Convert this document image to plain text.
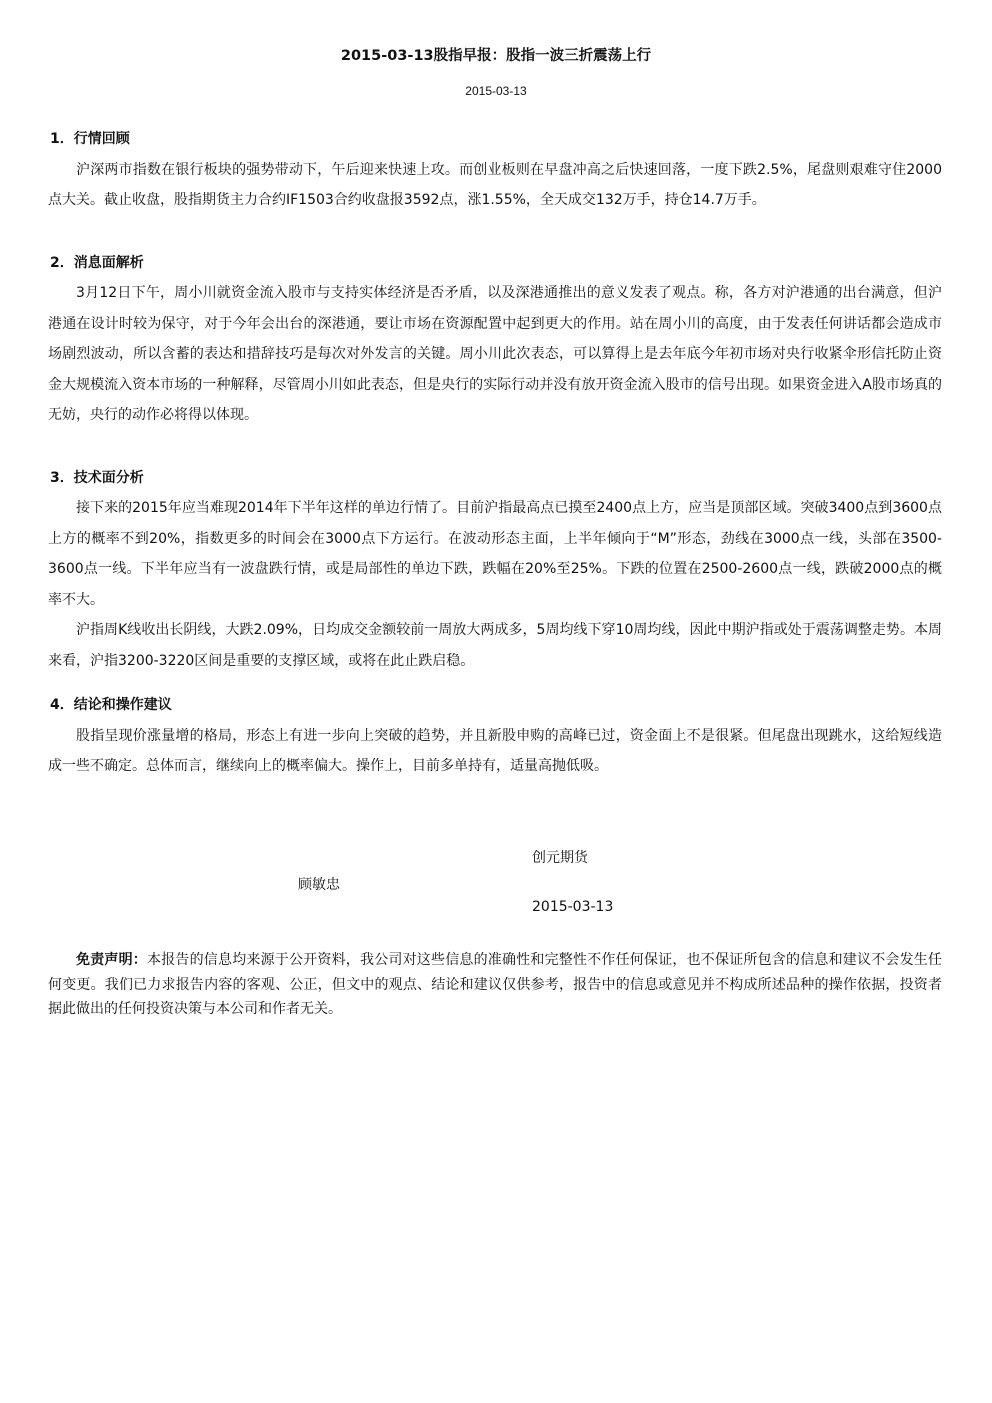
2015-03-13股指早报：股指一波三折震荡上行
2015-03-13

1．行情回顾

沪深两市指数在银行板块的强势带动下，午后迎来快速上攻。而创业板则在早盘冲高之后快速回落，一度下跌2.5%，尾盘则艰难守住2000点大关。截止收盘，股指期货主力合约IF1503合约收盘报3592点，涨1.55%，全天成交132万手，持仓14.7万手。

2．消息面解析

3月12日下午，周小川就资金流入股市与支持实体经济是否矛盾，以及深港通推出的意义发表了观点。称，各方对沪港通的出台满意，但沪港通在设计时较为保守，对于今年会出台的深港通，要让市场在资源配置中起到更大的作用。站在周小川的高度，由于发表任何讲话都会造成市场剧烈波动，所以含蓄的表达和措辞技巧是每次对外发言的关键。周小川此次表态，可以算得上是去年底今年初市场对央行收紧伞形信托防止资金大规模流入资本市场的一种解释，尽管周小川如此表态，但是央行的实际行动并没有放开资金流入股市的信号出现。如果资金进入A股市场真的无妨，央行的动作必将得以体现。

3．技术面分析

接下来的2015年应当难现2014年下半年这样的单边行情了。目前沪指最高点已摸至2400点上方，应当是顶部区域。突破3400点到3600点上方的概率不到20%，指数更多的时间会在3000点下方运行。在波动形态主面，上半年倾向于“M”形态，劲线在3000点一线，头部在3500-3600点一线。下半年应当有一波盘跌行情，或是局部性的单边下跌，跌幅在20%至25%。下跌的位置在2500-2600点一线，跌破2000点的概率不大。

沪指周K线收出长阴线，大跌2.09%，日均成交金额较前一周放大两成多，5周均线下穿10周均线，因此中期沪指或处于震荡调整走势。本周来看，沪指3200-3220区间是重要的支撑区域，或将在此止跌启稳。

4．结论和操作建议

股指呈现价涨量增的格局，形态上有进一步向上突破的趋势，并且新股申购的高峰已过，资金面上不是很紧。但尾盘出现跳水，这给短线造成一些不确定。总体而言，继续向上的概率偏大。操作上，目前多单持有，适量高抛低吸。

创元期货
顾敏忠
2015-03-13
免责声明：本报告的信息均来源于公开资料，我公司对这些信息的准确性和完整性不作任何保证，也不保证所包含的信息和建议不会发生任何变更。我们已力求报告内容的客观、公正，但文中的观点、结论和建议仅供参考，报告中的信息或意见并不构成所述品种的操作依据，投资者据此做出的任何投资决策与本公司和作者无关。
